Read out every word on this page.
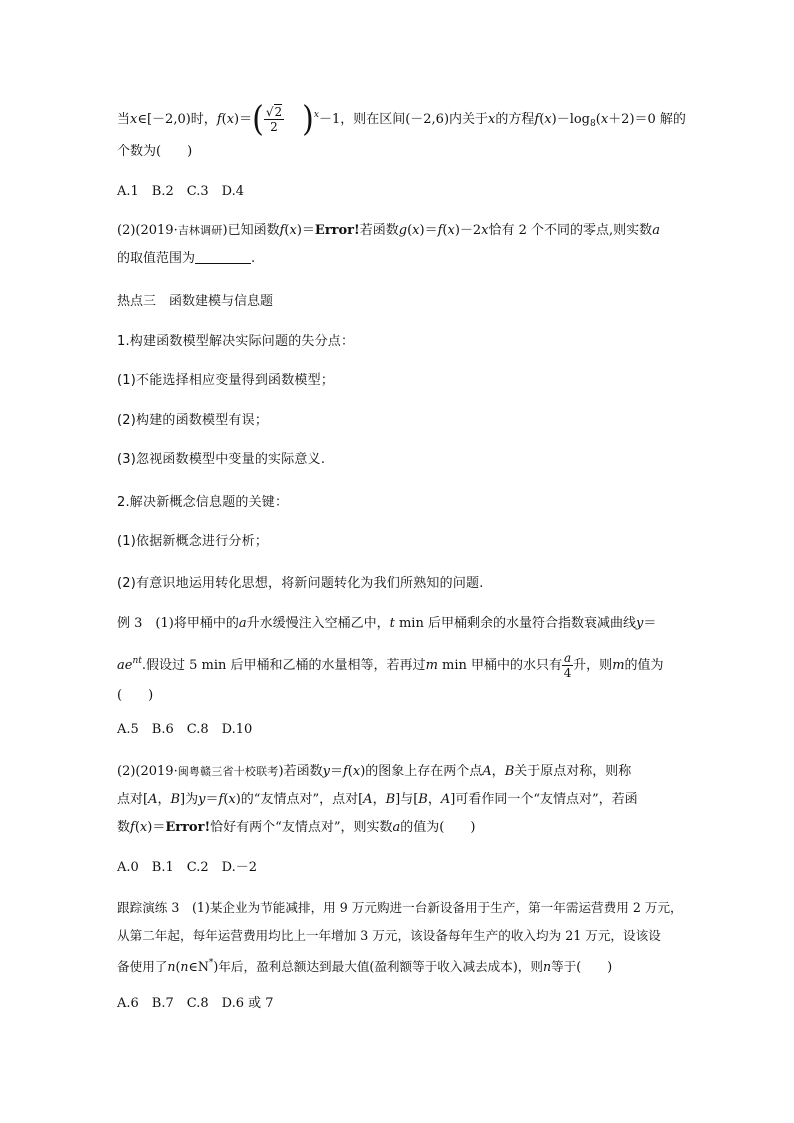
当x∈[－2,0)时，$f(x)=( \frac{√2}{2} )^x-1$，则在区间(－2,6)内关于x的方程$f(x)-\log_8(x+2)=0$ 解的
个数为( )
A.1　B.2　C.3　D.4
(2)(2019·吉林调研)已知函数f(x)＝Error!若函数g(x)＝f(x)－2x恰有 2 个不同的零点,则实数a
的取值范围为	.
热点三　函数建模与信息题
1.构建函数模型解决实际问题的失分点：
(1)不能选择相应变量得到函数模型；
(2)构建的函数模型有误；
(3)忽视函数模型中变量的实际意义.
2.解决新概念信息题的关键：
(1)依据新概念进行分析；
(2)有意识地运用转化思想，将新问题转化为我们所熟知的问题.
例 3　(1)将甲桶中的a升水缓慢注入空桶乙中，t min 后甲桶剩余的水量符合指数衰减曲线y＝
$ae^{nt}$.假设过 5 min 后甲桶和乙桶的水量相等，若再过m min 甲桶中的水只有 $\frac{a}{4}$ 升，则m的值为
( )
A.5　B.6　C.8　D.10
(2)(2019·闽粤赣三省十校联考)若函数y＝f(x)的图象上存在两个点A，B关于原点对称，则称
点对[A，B]为y＝f(x)的“友情点对”，点对[A，B]与[B，A]可看作同一个“友情点对”，若函
数f(x)＝Error!恰好有两个“友情点对”，则实数a的值为( )
A.0　B.1　C.2　D.－2
跟踪演练 3　(1)某企业为节能减排，用 9 万元购进一台新设备用于生产，第一年需运营费用 2 万元，
从第二年起，每年运营费用均比上一年增加 3 万元，该设备每年生产的收入均为 21 万元，设该设
备使用了n(n∈N*)年后，盈利总额达到最大值(盈利额等于收入减去成本)，则n等于( )
A.6　B.7　C.8　D.6 或 7
